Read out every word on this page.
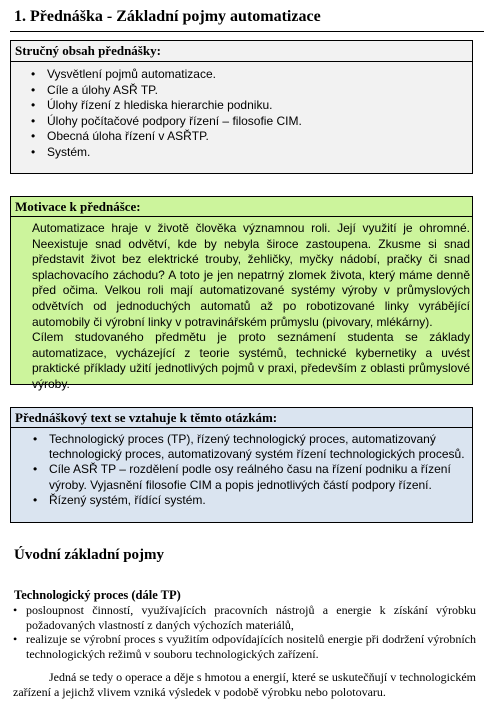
1. Přednáška - Základní pojmy automatizace
Stručný obsah přednášky:
• Vysvětlení pojmů automatizace.
• Cíle a úlohy ASŘ TP.
• Úlohy řízení z hlediska hierarchie podniku.
• Úlohy počítačové podpory řízení – filosofie CIM.
• Obecná úloha řízení v ASŘTP.
• Systém.
Motivace k přednášce:

Automatizace hraje v životě člověka významnou roli. Její využití je ohromné. Neexistuje snad odvětví, kde by nebyla široce zastoupena. Zkusme si snad představit život bez elektrické trouby, žehličky, myčky nádobí, pračky či snad splachovacího záchodu? A toto je jen nepatrný zlomek života, který máme denně před očima. Velkou roli mají automatizované systémy výroby v průmyslových odvětvích od jednoduchých automatů až po robotizované linky vyrábějící automobily či výrobní linky v potravinářském průmyslu (pivovary, mlékárny).

Cílem studovaného předmětu je proto seznámení studenta se základy automatizace, vycházející z teorie systémů, technické kybernetiky a uvést praktické příklady užití jednotlivých pojmů v praxi, především z oblasti průmyslové výroby.

Přednáškový text se vztahuje k těmto otázkám:
• Technologický proces (TP), řízený technologický proces, automatizovaný technologický proces, automatizovaný systém řízení technologických procesů.
• Cíle ASŘ TP – rozdělení podle osy reálného času na řízení podniku a řízení výroby. Vyjasnění filosofie CIM a popis jednotlivých částí podpory řízení.
• Řízený systém, řídící systém.
Úvodní základní pojmy
Technologický proces (dále TP)
• posloupnost činností, využívajících pracovních nástrojů a energie k získání výrobku požadovaných vlastností z daných výchozích materiálů,
• realizuje se výrobní proces s využitím odpovídajících nositelů energie při dodržení výrobních technologických režimů v souboru technologických zařízení.

Jedná se tedy o operace a děje s hmotou a energií, které se uskutečňují v technologickém zařízení a jejichž vlivem vzniká výsledek v podobě výrobku nebo polotovaru.
